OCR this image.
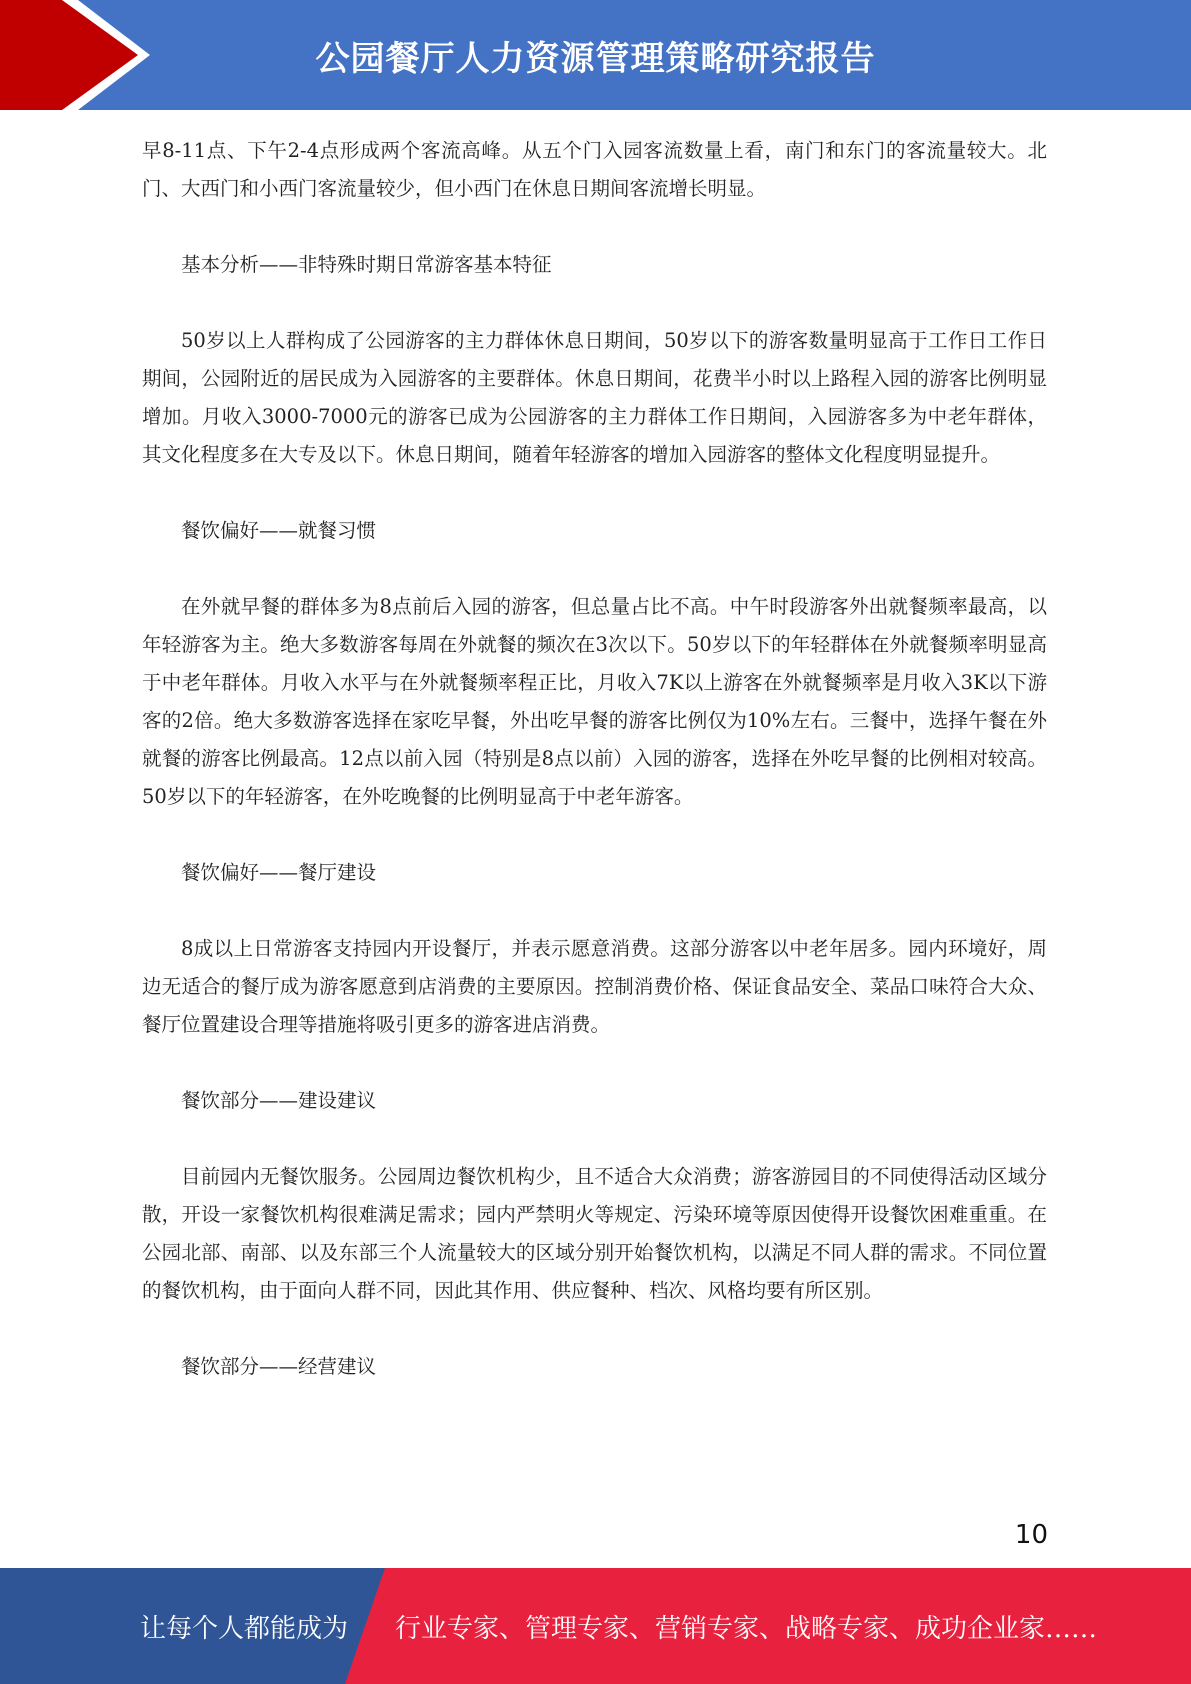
公园餐厅人力资源管理策略研究报告

早8-11点、下午2-4点形成两个客流高峰。从五个门入园客流数量上看，南门和东门的客流量较大。北门、大西门和小西门客流量较少，但小西门在休息日期间客流增长明显。

基本分析——非特殊时期日常游客基本特征

50岁以上人群构成了公园游客的主力群体休息日期间，50岁以下的游客数量明显高于工作日工作日期间，公园附近的居民成为入园游客的主要群体。休息日期间，花费半小时以上路程入园的游客比例明显增加。月收入3000-7000元的游客已成为公园游客的主力群体工作日期间，入园游客多为中老年群体，其文化程度多在大专及以下。休息日期间，随着年轻游客的增加入园游客的整体文化程度明显提升。

餐饮偏好——就餐习惯

在外就早餐的群体多为8点前后入园的游客，但总量占比不高。中午时段游客外出就餐频率最高，以年轻游客为主。绝大多数游客每周在外就餐的频次在3次以下。50岁以下的年轻群体在外就餐频率明显高于中老年群体。月收入水平与在外就餐频率程正比，月收入7K以上游客在外就餐频率是月收入3K以下游客的2倍。绝大多数游客选择在家吃早餐，外出吃早餐的游客比例仅为10%左右。三餐中，选择午餐在外就餐的游客比例最高。12点以前入园（特别是8点以前）入园的游客，选择在外吃早餐的比例相对较高。50岁以下的年轻游客，在外吃晚餐的比例明显高于中老年游客。

餐饮偏好——餐厅建设

8成以上日常游客支持园内开设餐厅，并表示愿意消费。这部分游客以中老年居多。园内环境好，周边无适合的餐厅成为游客愿意到店消费的主要原因。控制消费价格、保证食品安全、菜品口味符合大众、餐厅位置建设合理等措施将吸引更多的游客进店消费。

餐饮部分——建设建议

目前园内无餐饮服务。公园周边餐饮机构少，且不适合大众消费；游客游园目的不同使得活动区域分散，开设一家餐饮机构很难满足需求；园内严禁明火等规定、污染环境等原因使得开设餐饮困难重重。在公园北部、南部、以及东部三个人流量较大的区域分别开始餐饮机构，以满足不同人群的需求。不同位置的餐饮机构，由于面向人群不同，因此其作用、供应餐种、档次、风格均要有所区别。

餐饮部分——经营建议

10
让每个人都能成为 行业专家、管理专家、营销专家、战略专家、成功企业家……
